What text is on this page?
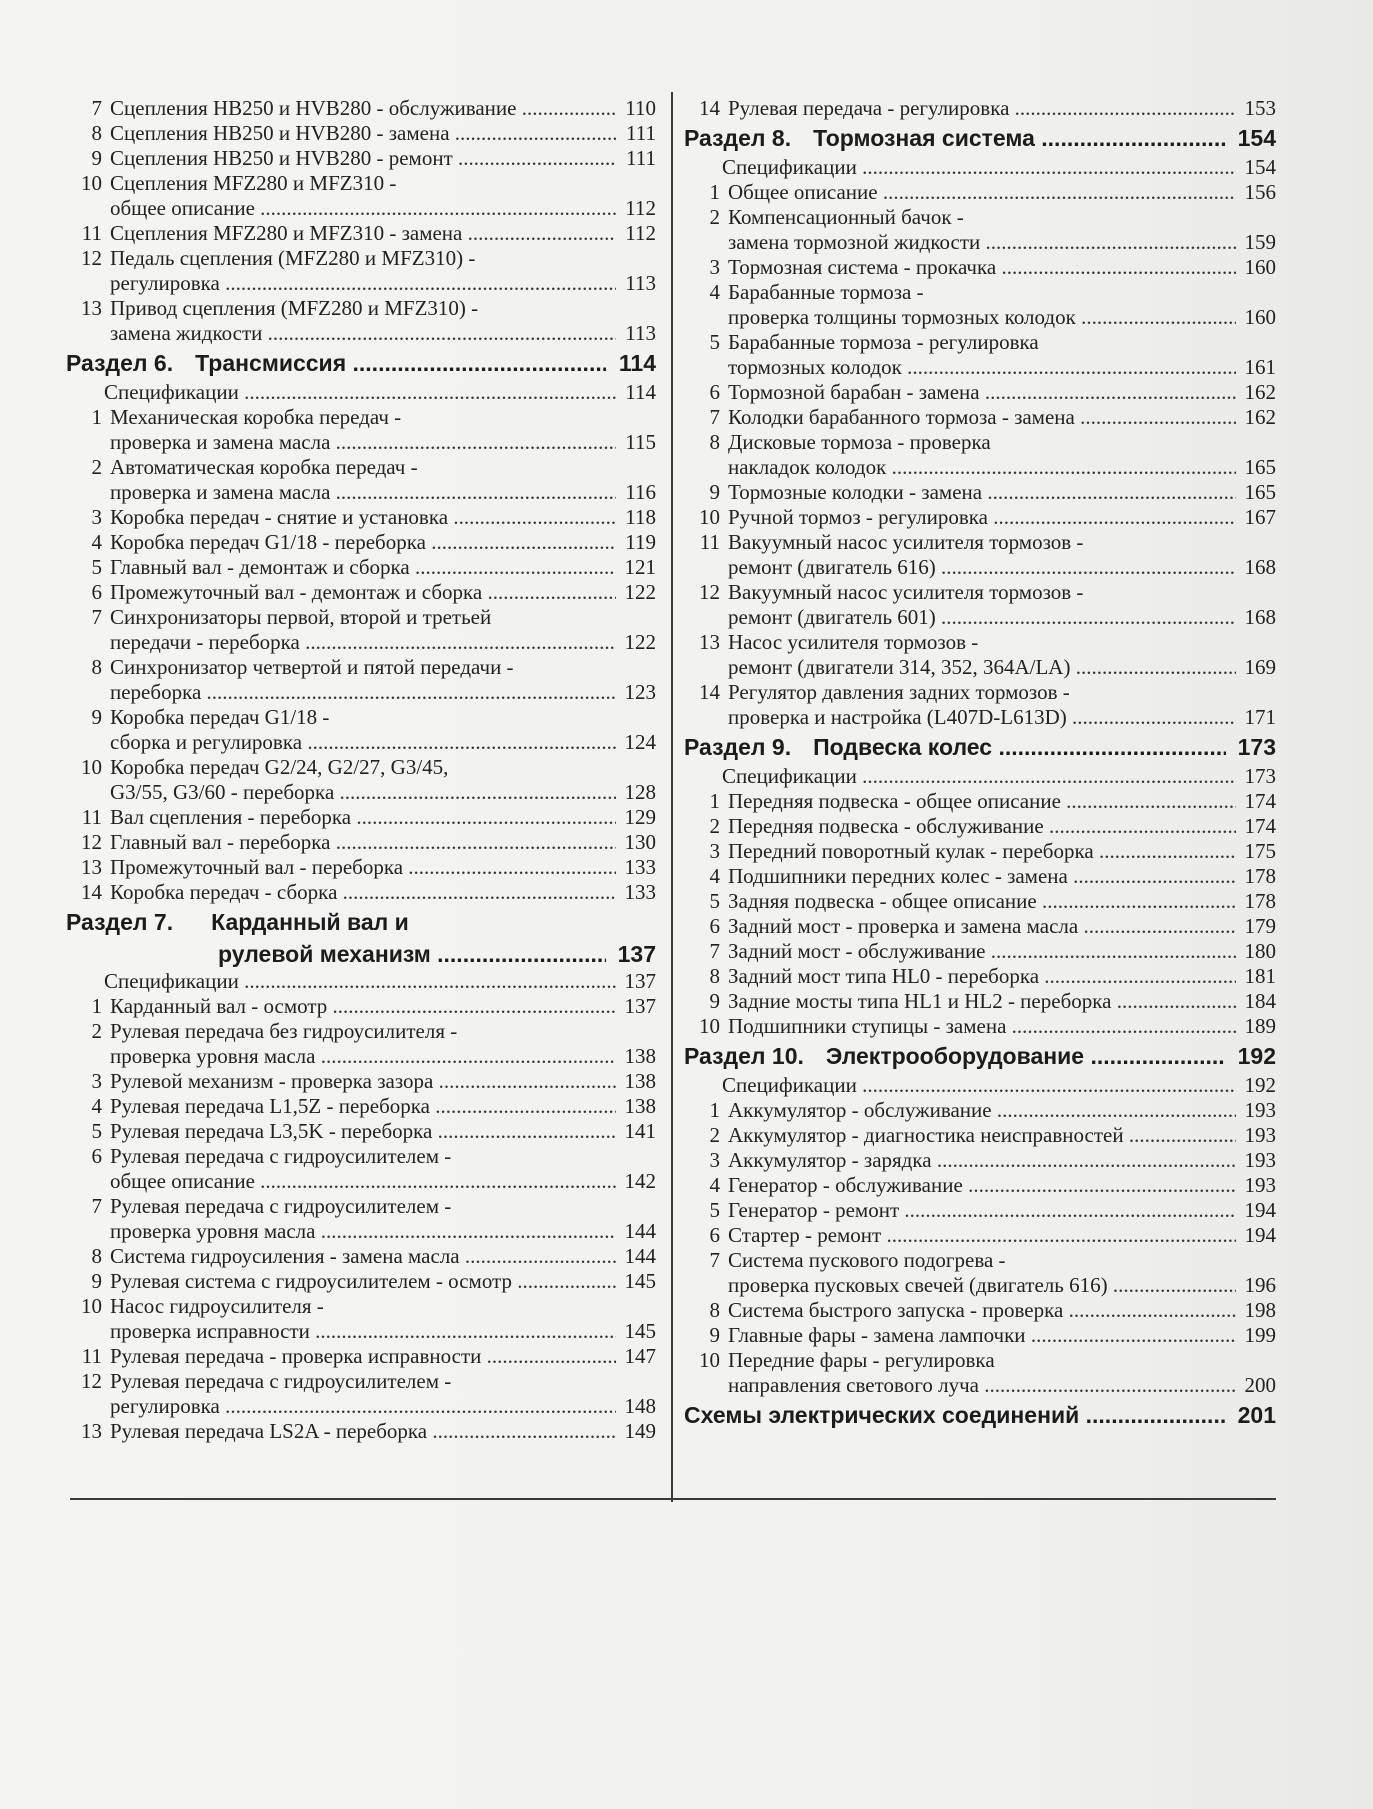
7 Сцепления HB250 и HVB280 - обслуживание .....	110
8 Сцепления HB250 и HVB280 - замена .....	111
9 Сцепления HB250 и HVB280 - ремонт .....	111
10 Сцепления MFZ280 и MFZ310 -
общее описание .....	112
11 Сцепления MFZ280 и MFZ310 - замена .....	112
12 Педаль сцепления (MFZ280 и MFZ310) -
регулировка .....	113
13 Привод сцепления (MFZ280 и MFZ310) -
замена жидкости .....	113
Раздел 6. Трансмиссия .....	114
Спецификации .....	114
1 Механическая коробка передач -
проверка и замена масла .....	115
2 Автоматическая коробка передач -
проверка и замена масла .....	116
3 Коробка передач - снятие и установка .....	118
4 Коробка передач G1/18 - переборка .....	119
5 Главный вал - демонтаж и сборка .....	121
6 Промежуточный вал - демонтаж и сборка .....	122
7 Синхронизаторы первой, второй и третьей
передачи - переборка .....	122
8 Синхронизатор четвертой и пятой передачи -
переборка .....	123
9 Коробка передач G1/18 -
сборка и регулировка .....	124
10 Коробка передач G2/24, G2/27, G3/45,
G3/55, G3/60 - переборка .....	128
11 Вал сцепления - переборка .....	129
12 Главный вал - переборка .....	130
13 Промежуточный вал - переборка .....	133
14 Коробка передач - сборка .....	133
Раздел 7. Карданный вал и
рулевой механизм .....	137
Спецификации .....	137
1 Карданный вал - осмотр .....	137
2 Рулевая передача без гидроусилителя -
проверка уровня масла .....	138
3 Рулевой механизм - проверка зазора .....	138
4 Рулевая передача L1,5Z - переборка .....	138
5 Рулевая передача L3,5K - переборка .....	141
6 Рулевая передача с гидроусилителем -
общее описание .....	142
7 Рулевая передача с гидроусилителем -
проверка уровня масла .....	144
8 Система гидроусиления - замена масла .....	144
9 Рулевая система с гидроусилителем - осмотр .....	145
10 Насос гидроусилителя -
проверка исправности .....	145
11 Рулевая передача - проверка исправности .....	147
12 Рулевая передача с гидроусилителем -
регулировка .....	148
13 Рулевая передача LS2A - переборка .....	149
14 Рулевая передача - регулировка .....	153
Раздел 8. Тормозная система .....	154
Спецификации .....	154
1 Общее описание .....	156
2 Компенсационный бачок -
замена тормозной жидкости .....	159
3 Тормозная система - прокачка .....	160
4 Барабанные тормоза -
проверка толщины тормозных колодок .....	160
5 Барабанные тормоза - регулировка
тормозных колодок .....	161
6 Тормозной барабан - замена .....	162
7 Колодки барабанного тормоза - замена .....	162
8 Дисковые тормоза - проверка
накладок колодок .....	165
9 Тормозные колодки - замена .....	165
10 Ручной тормоз - регулировка .....	167
11 Вакуумный насос усилителя тормозов -
ремонт (двигатель 616) .....	168
12 Вакуумный насос усилителя тормозов -
ремонт (двигатель 601) .....	168
13 Насос усилителя тормозов -
ремонт (двигатели 314, 352, 364A/LA) .....	169
14 Регулятор давления задних тормозов -
проверка и настройка (L407D-L613D) .....	171
Раздел 9. Подвеска колес .....	173
Спецификации .....	173
1 Передняя подвеска - общее описание .....	174
2 Передняя подвеска - обслуживание .....	174
3 Передний поворотный кулак - переборка .....	175
4 Подшипники передних колес - замена .....	178
5 Задняя подвеска - общее описание .....	178
6 Задний мост - проверка и замена масла .....	179
7 Задний мост - обслуживание .....	180
8 Задний мост типа HL0 - переборка .....	181
9 Задние мосты типа HL1 и HL2 - переборка .....	184
10 Подшипники ступицы - замена .....	189
Раздел 10. Электрооборудование .....	192
Спецификации .....	192
1 Аккумулятор - обслуживание .....	193
2 Аккумулятор - диагностика неисправностей .....	193
3 Аккумулятор - зарядка .....	193
4 Генератор - обслуживание .....	193
5 Генератор - ремонт .....	194
6 Стартер - ремонт .....	194
7 Система пускового подогрева -
проверка пусковых свечей (двигатель 616) .....	196
8 Система быстрого запуска - проверка .....	198
9 Главные фары - замена лампочки .....	199
10 Передние фары - регулировка
направления светового луча .....	200
Схемы электрических соединений .....	201
